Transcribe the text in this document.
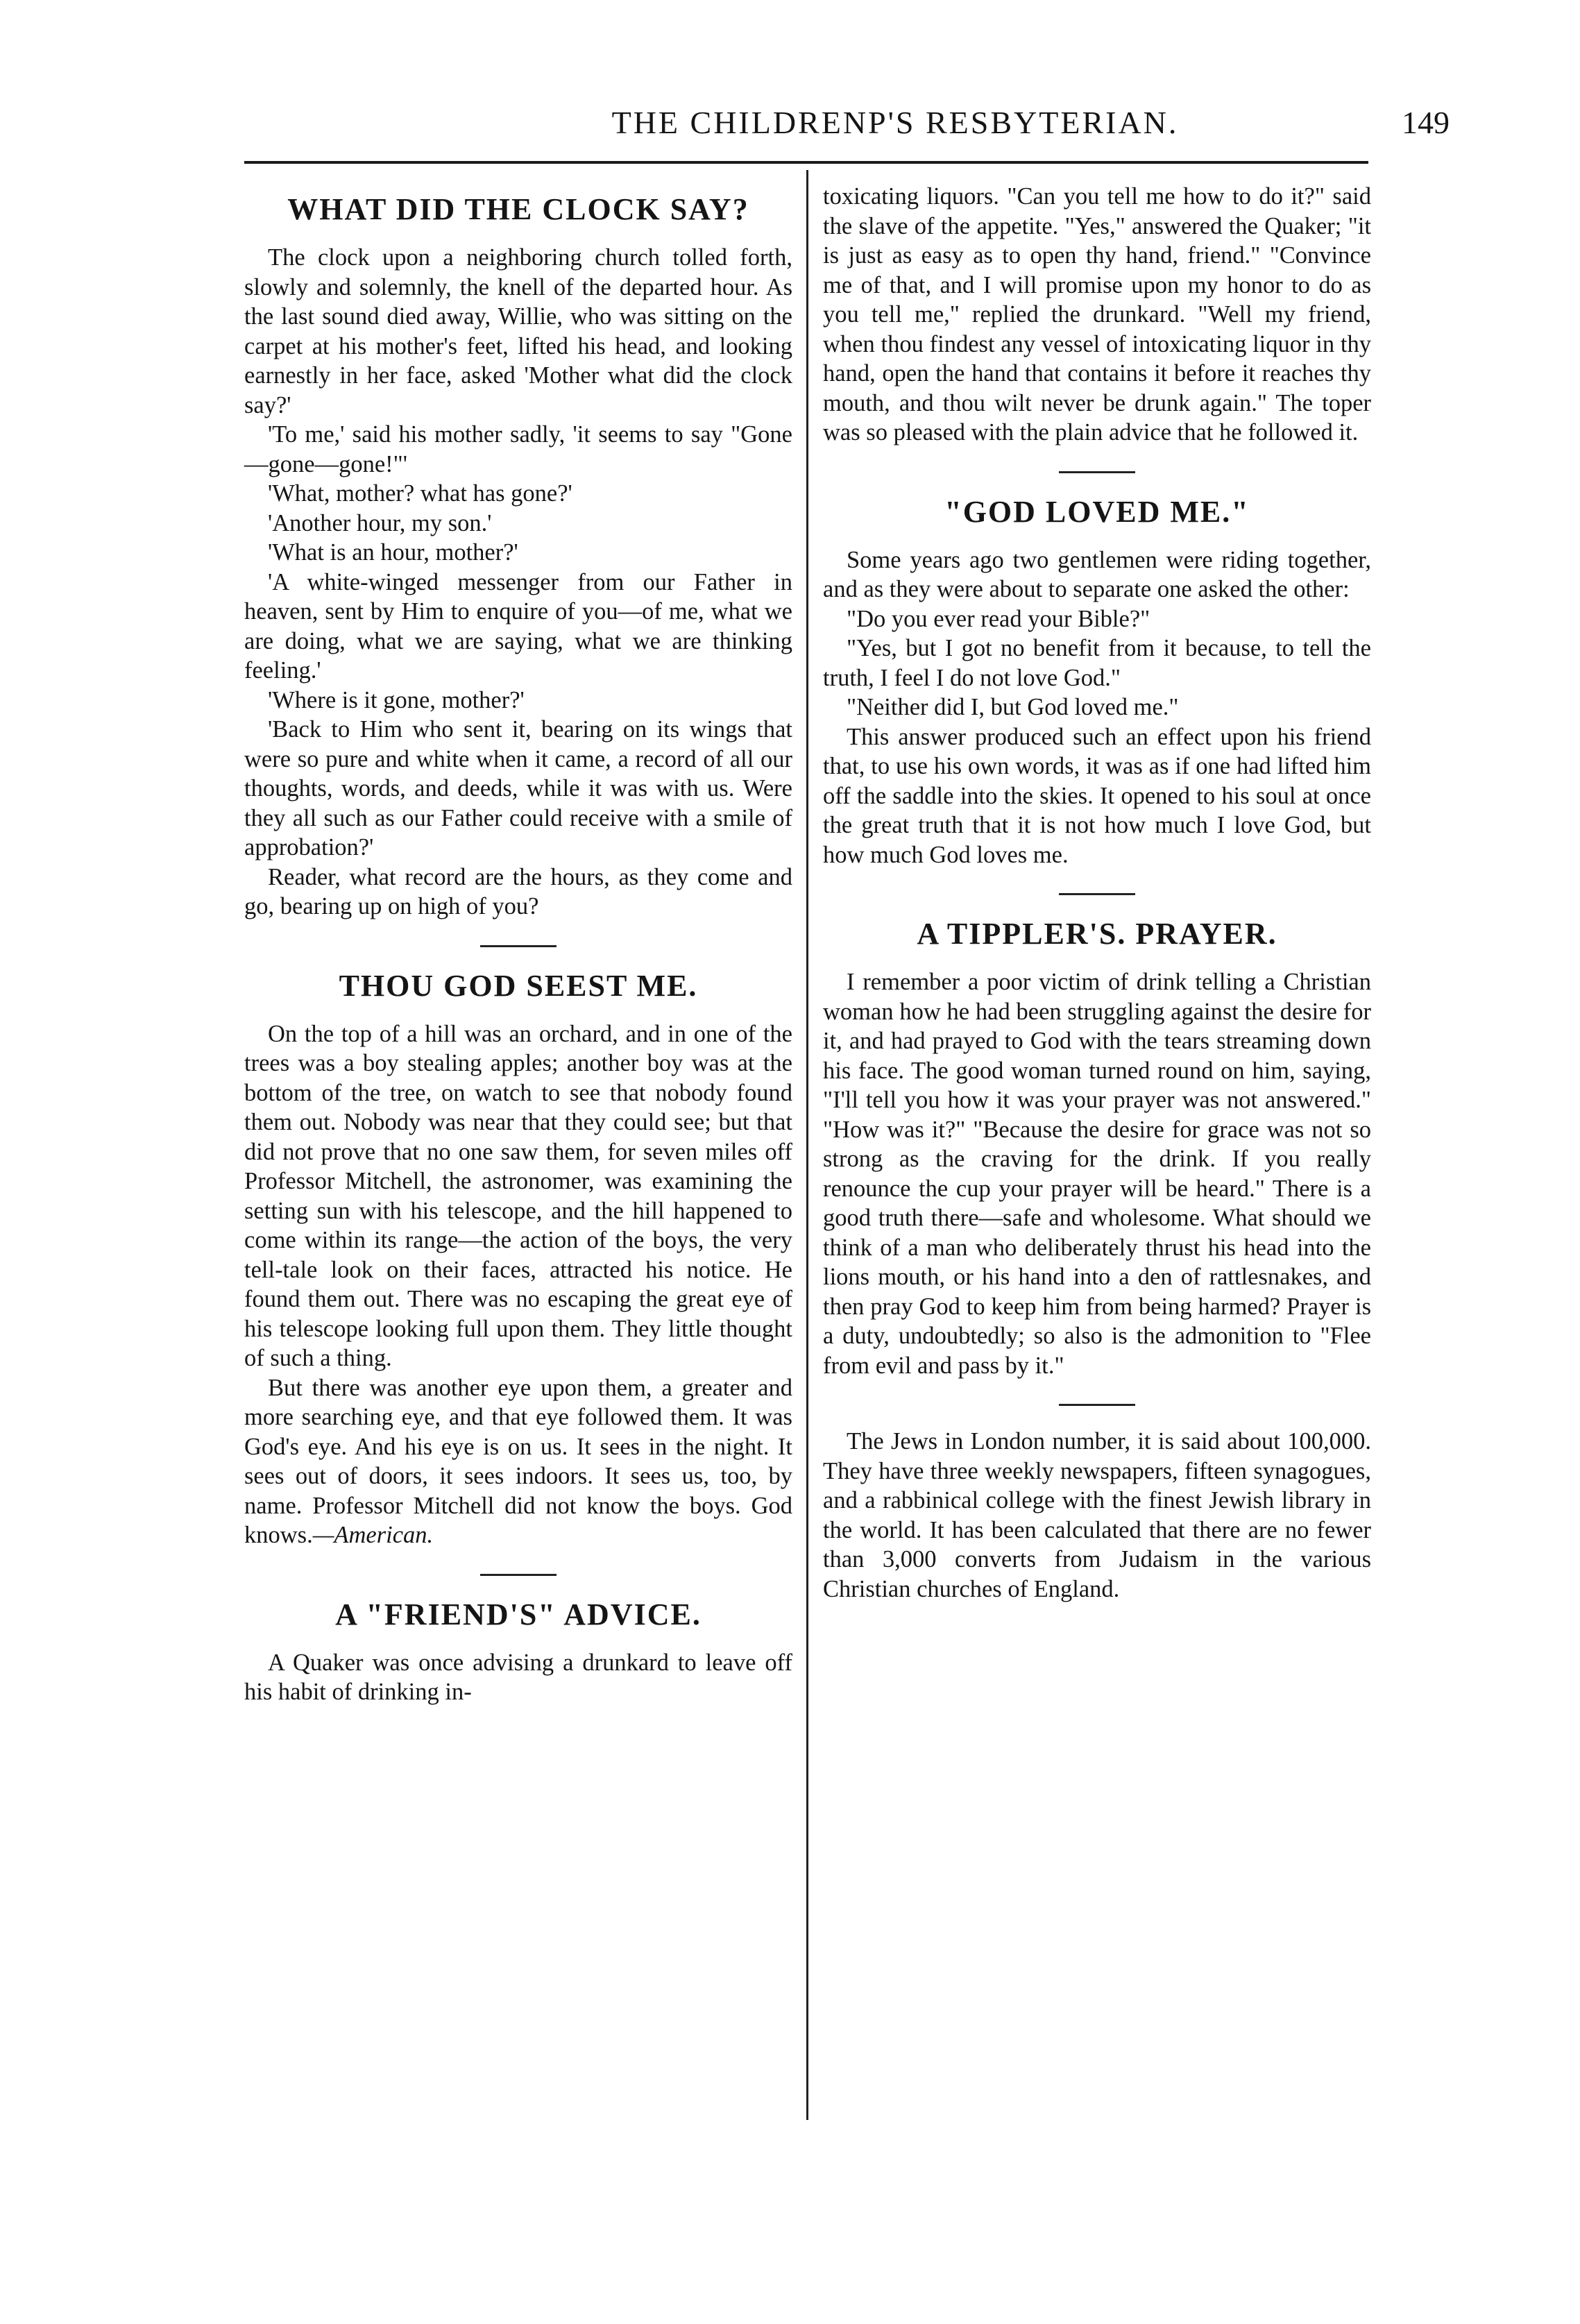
THE CHILDRENP'S RESBYTERIAN.	149
WHAT DID THE CLOCK SAY?

The clock upon a neighboring church tolled forth, slowly and solemnly, the knell of the departed hour. As the last sound died away, Willie, who was sitting on the carpet at his mother's feet, lifted his head, and looking earnestly in her face, asked 'Mother what did the clock say?'

'To me,' said his mother sadly, 'it seems to say "Gone—gone—gone!"'

'What, mother? what has gone?'

'Another hour, my son.'

'What is an hour, mother?'

'A white-winged messenger from our Father in heaven, sent by Him to enquire of you—of me, what we are doing, what we are saying, what we are thinking feeling.'

'Where is it gone, mother?'

'Back to Him who sent it, bearing on its wings that were so pure and white when it came, a record of all our thoughts, words, and deeds, while it was with us. Were they all such as our Father could receive with a smile of approbation?'

Reader, what record are the hours, as they come and go, bearing up on high of you?

THOU GOD SEEST ME.

On the top of a hill was an orchard, and in one of the trees was a boy stealing apples; another boy was at the bottom of the tree, on watch to see that nobody found them out. Nobody was near that they could see; but that did not prove that no one saw them, for seven miles off Professor Mitchell, the astronomer, was examining the setting sun with his telescope, and the hill happened to come within its range—the action of the boys, the very tell-tale look on their faces, attracted his notice. He found them out. There was no escaping the great eye of his telescope looking full upon them. They little thought of such a thing.

But there was another eye upon them, a greater and more searching eye, and that eye followed them. It was God's eye. And his eye is on us. It sees in the night. It sees out of doors, it sees indoors. It sees us, too, by name. Professor Mitchell did not know the boys. God knows.—American.

A "FRIEND'S" ADVICE.

A Quaker was once advising a drunkard to leave off his habit of drinking in-

toxicating liquors. "Can you tell me how to do it?" said the slave of the appetite. "Yes," answered the Quaker; "it is just as easy as to open thy hand, friend." "Convince me of that, and I will promise upon my honor to do as you tell me," replied the drunkard. "Well my friend, when thou findest any vessel of intoxicating liquor in thy hand, open the hand that contains it before it reaches thy mouth, and thou wilt never be drunk again." The toper was so pleased with the plain advice that he followed it.

"GOD LOVED ME."

Some years ago two gentlemen were riding together, and as they were about to separate one asked the other:

"Do you ever read your Bible?"

"Yes, but I got no benefit from it because, to tell the truth, I feel I do not love God."

"Neither did I, but God loved me."

This answer produced such an effect upon his friend that, to use his own words, it was as if one had lifted him off the saddle into the skies. It opened to his soul at once the great truth that it is not how much I love God, but how much God loves me.

A TIPPLER'S. PRAYER.

I remember a poor victim of drink telling a Christian woman how he had been struggling against the desire for it, and had prayed to God with the tears streaming down his face. The good woman turned round on him, saying, "I'll tell you how it was your prayer was not answered." "How was it?" "Because the desire for grace was not so strong as the craving for the drink. If you really renounce the cup your prayer will be heard." There is a good truth there—safe and wholesome. What should we think of a man who deliberately thrust his head into the lions mouth, or his hand into a den of rattlesnakes, and then pray God to keep him from being harmed? Prayer is a duty, undoubtedly; so also is the admonition to "Flee from evil and pass by it."

The Jews in London number, it is said about 100,000. They have three weekly newspapers, fifteen synagogues, and a rabbinical college with the finest Jewish library in the world. It has been calculated that there are no fewer than 3,000 converts from Judaism in the various Christian churches of England.
